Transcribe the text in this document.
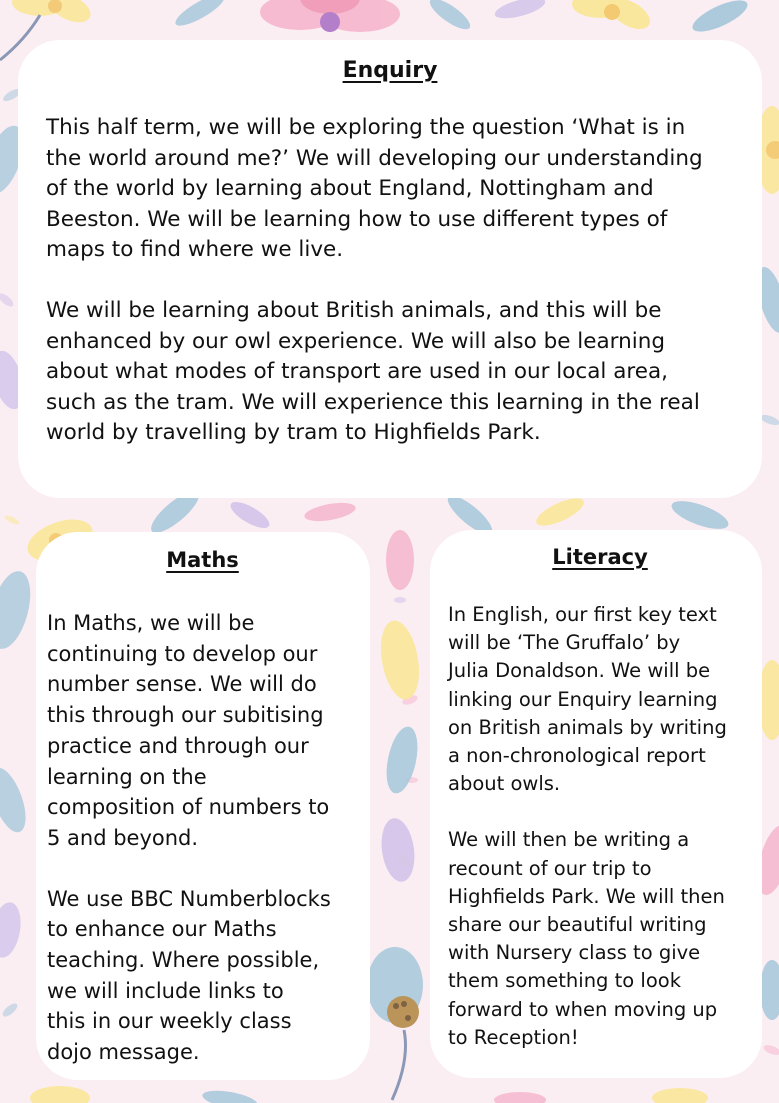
Enquiry

This half term, we will be exploring the question ‘What is in
the world around me?’ We will developing our understanding
of the world by learning about England, Nottingham and
Beeston. We will be learning how to use different types of
maps to find where we live.

We will be learning about British animals, and this will be
enhanced by our owl experience. We will also be learning
about what modes of transport are used in our local area,
such as the tram. We will experience this learning in the real
world by travelling by tram to Highfields Park.

Maths

In Maths, we will be
continuing to develop our
number sense. We will do
this through our subitising
practice and through our
learning on the
composition of numbers to
5 and beyond.

We use BBC Numberblocks
to enhance our Maths
teaching. Where possible,
we will include links to
this in our weekly class
dojo message.

Literacy

In English, our first key text
will be ‘The Gruffalo’ by
Julia Donaldson. We will be
linking our Enquiry learning
on British animals by writing
a non-chronological report
about owls.

We will then be writing a
recount of our trip to
Highfields Park. We will then
share our beautiful writing
with Nursery class to give
them something to look
forward to when moving up
to Reception!
